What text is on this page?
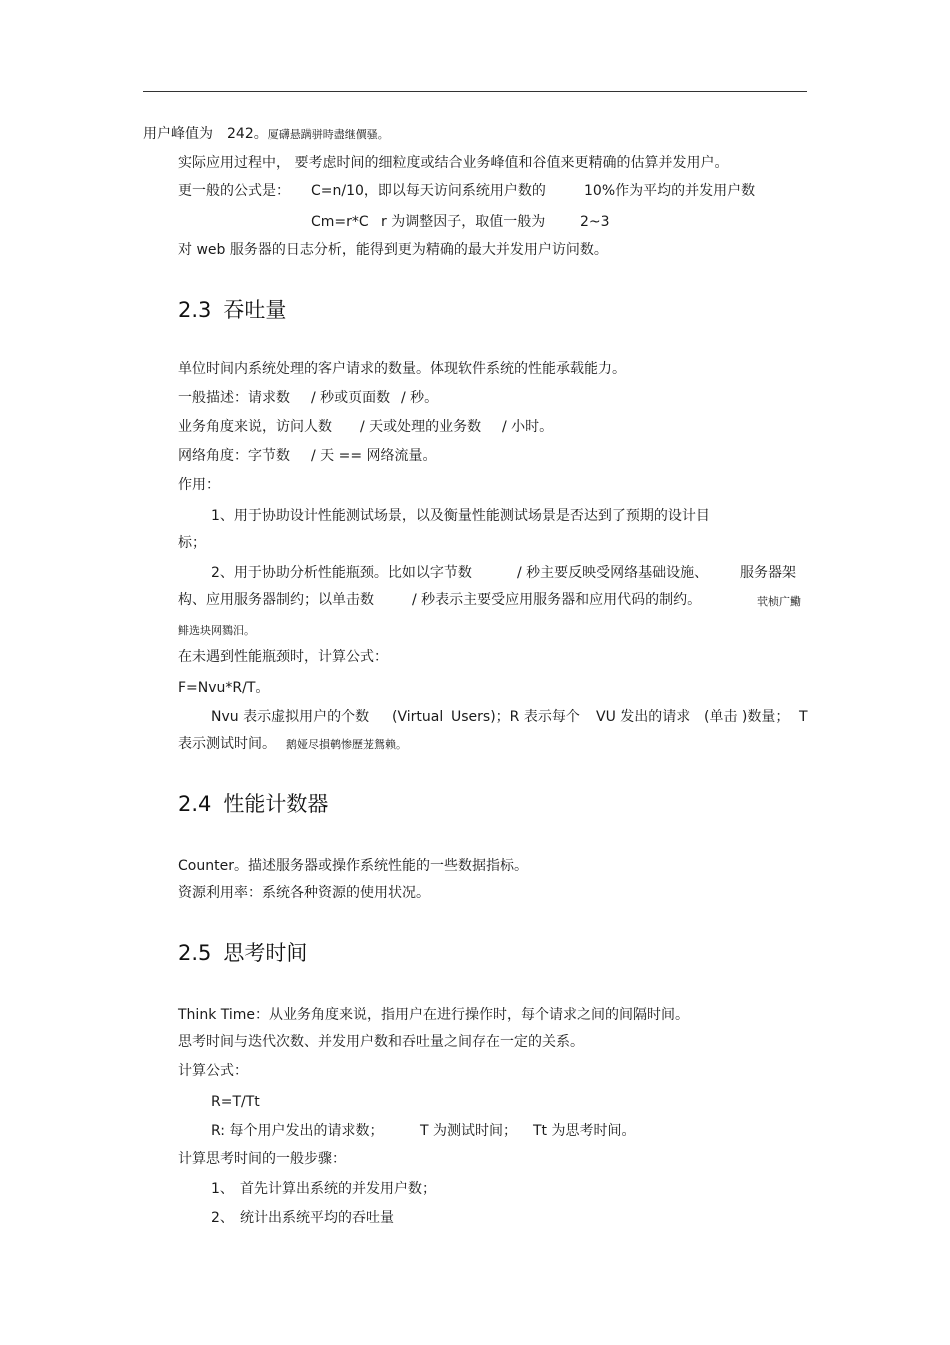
用户峰值为 242。厦礴悬蹒骈時盡继價骚。
实际应用过程中， 要考虑时间的细粒度或结合业务峰值和谷值来更精确的估算并发用户。
更一般的公式是： C=n/10，即以每天访问系统用户数的	10%作为平均的并发用户数
Cm=r*C r 为调整因子，取值一般为 2~3
对 web 服务器的日志分析，能得到更为精确的最大并发用户访问数。
2.3 吞吐量
单位时间内系统处理的客户请求的数量。体现软件系统的性能承载能力。
一般描述：请求数 / 秒或页面数 / 秒。
业务角度来说，访问人数 / 天或处理的业务数 / 小时。
网络角度：字节数 / 天 == 网络流量。
作用：
1、用于协助设计性能测试场景，以及衡量性能测试场景是否达到了预期的设计目
标；
2、用于协助分析性能瓶颈。比如以字节数	/ 秒主要反映受网络基础设施、 服务器架
构、应用服务器制约；以单击数	/ 秒表示主要受应用服务器和应用代码的制约。	茕桢广鰳
鲱选块网鷚汨。
在未遇到性能瓶颈时，计算公式：
F=Nvu*R/T。
Nvu 表示虚拟用户的个数 (Virtual Users)；R 表示每个 VU 发出的请求 (单击 )数量； T
表示测试时间。 鹅娅尽損鹌惨歷茏鴛赖。
2.4 性能计数器
Counter。描述服务器或操作系统性能的一些数据指标。
资源利用率：系统各种资源的使用状况。
2.5 思考时间
Think Time：从业务角度来说，指用户在进行操作时，每个请求之间的间隔时间。
思考时间与迭代次数、并发用户数和吞吐量之间存在一定的关系。
计算公式：
R=T/Tt
R: 每个用户发出的请求数；	T 为测试时间； Tt 为思考时间。
计算思考时间的一般步骤：
1、 首先计算出系统的并发用户数；
2、 统计出系统平均的吞吐量
